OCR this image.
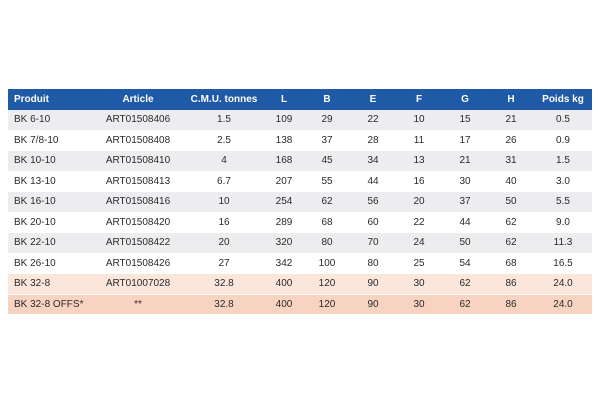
Produit	Article	C.M.U. tonnes	L	B	E	F	G	H	Poids kg
BK 6-10	ART01508406	1.5	109	29	22	10	15	21	0.5
BK 7/8-10	ART01508408	2.5	138	37	28	11	17	26	0.9
BK 10-10	ART01508410	4	168	45	34	13	21	31	1.5
BK 13-10	ART01508413	6.7	207	55	44	16	30	40	3.0
BK 16-10	ART01508416	10	254	62	56	20	37	50	5.5
BK 20-10	ART01508420	16	289	68	60	22	44	62	9.0
BK 22-10	ART01508422	20	320	80	70	24	50	62	11.3
BK 26-10	ART01508426	27	342	100	80	25	54	68	16.5
BK 32-8	ART01007028	32.8	400	120	90	30	62	86	24.0
BK 32-8 OFFS*	**	32.8	400	120	90	30	62	86	24.0
